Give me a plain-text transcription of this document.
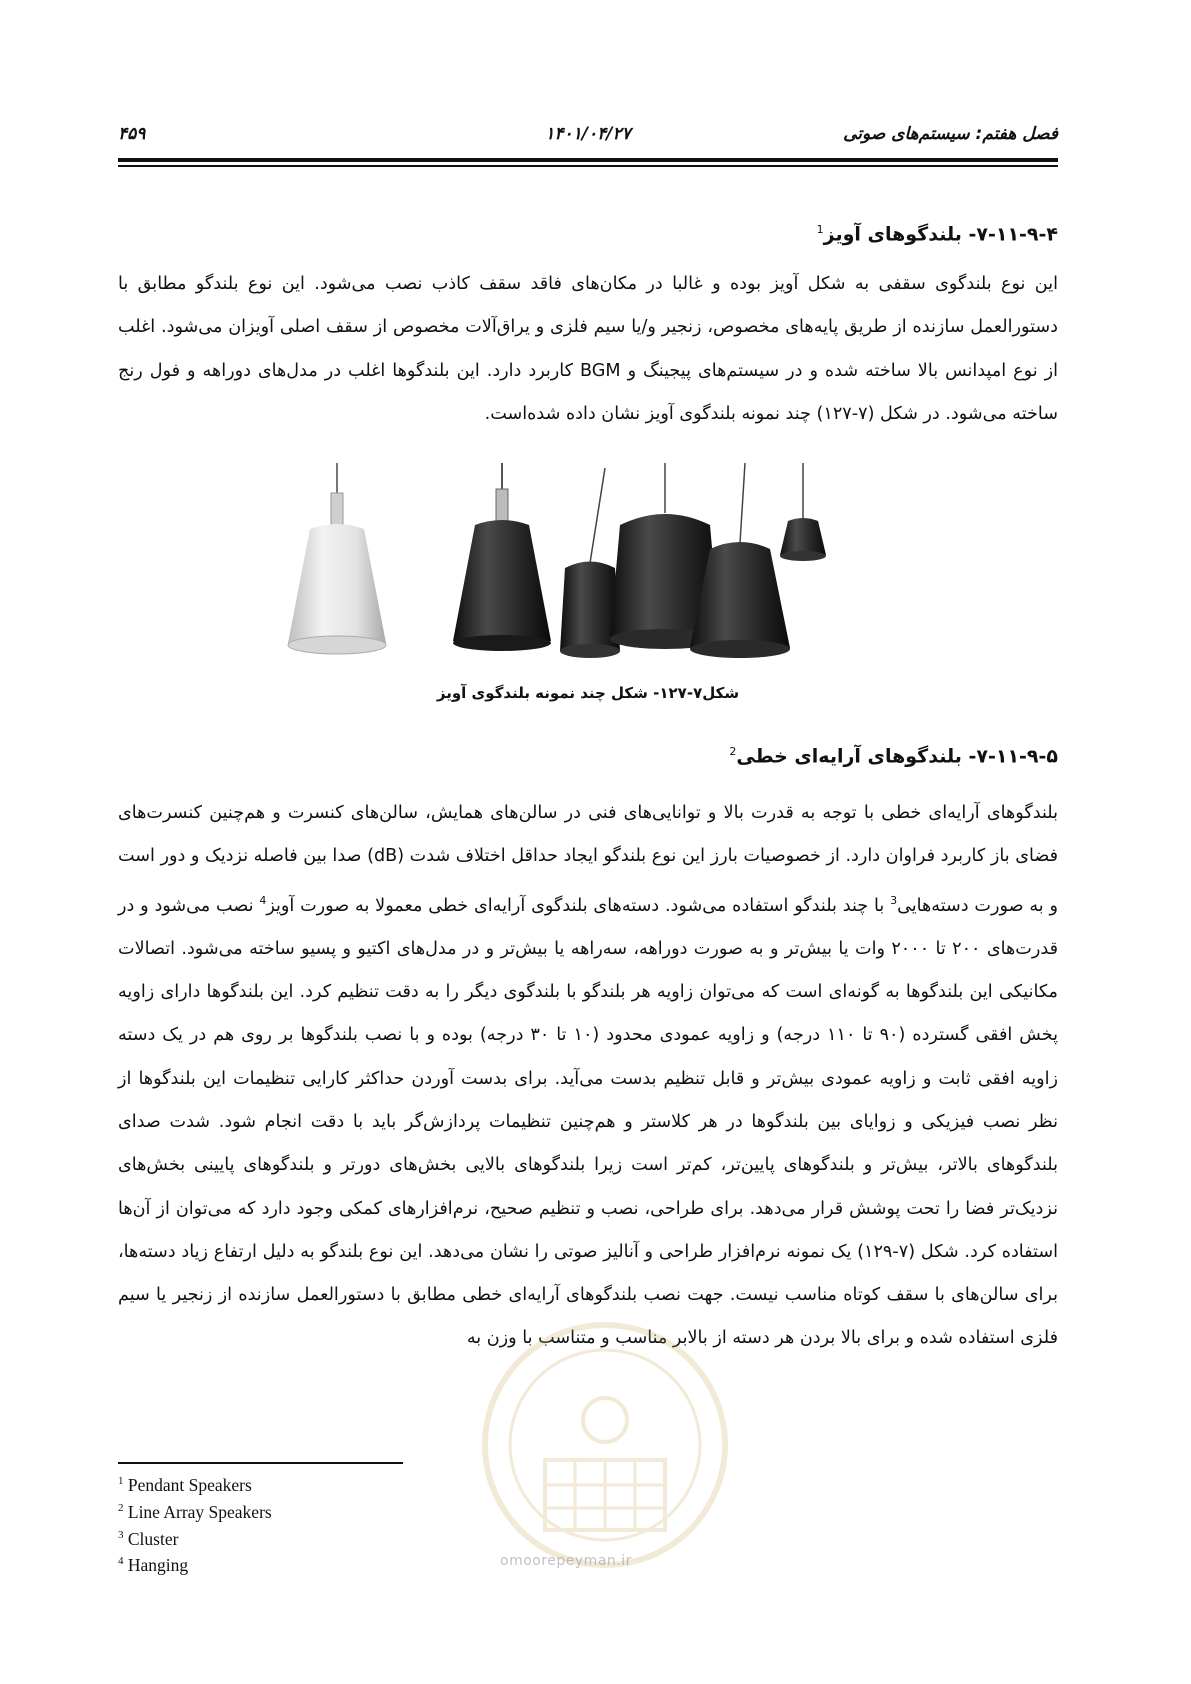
فصل هفتم: سیستم‌های صوتی
۱۴۰۱/۰۴/۲۷
۴۵۹
۷-۱۱-۹-۴- بلندگوهای آویز$^1$
این نوع بلندگوی سقفی به شکل آویز بوده و غالبا در مکان‌های فاقد سقف کاذب نصب می‌شود. این نوع بلندگو مطابق با دستورالعمل سازنده از طریق پایه‌های مخصوص، زنجیر و/یا سیم فلزی و یراق‌آلات مخصوص از سقف اصلی آویزان می‌شود. اغلب از نوع امپدانس بالا ساخته شده و در سیستم‌های پیجینگ و BGM کاربرد دارد. این بلندگوها اغلب در مدل‌های دوراهه و فول رنج ساخته می‌شود. در شکل (۷-۱۲۷) چند نمونه بلندگوی آویز نشان داده شده‌است.
شکل۷-۱۲۷- شکل چند نمونه بلندگوی آویز
۷-۱۱-۹-۵- بلندگوهای آرایه‌ای خطی$^2$
بلندگوهای آرایه‌ای خطی با توجه به قدرت بالا و توانایی‌های فنی در سالن‌های همایش، سالن‌های کنسرت و هم‌چنین کنسرت‌های فضای باز کاربرد فراوان دارد. از خصوصیات بارز این نوع بلندگو ایجاد حداقل اختلاف شدت (dB) صدا بین فاصله نزدیک و دور است و به صورت دسته‌هایی$^3$ با چند بلندگو استفاده می‌شود. دسته‌های بلندگوی آرایه‌ای خطی معمولا به صورت آویز$^4$ نصب می‌شود و در قدرت‌های ۲۰۰ تا ۲۰۰۰ وات یا بیش‌تر و به صورت دوراهه، سه‌راهه یا بیش‌تر و در مدل‌های اکتیو و پسیو ساخته می‌شود. اتصالات مکانیکی این بلندگوها به گونه‌ای است که می‌توان زاویه هر بلندگو با بلندگوی دیگر را به دقت تنظیم کرد. این بلندگوها دارای زاویه پخش افقی گسترده (۹۰ تا ۱۱۰ درجه) و زاویه عمودی محدود (۱۰ تا ۳۰ درجه) بوده و با نصب بلندگوها بر روی هم در یک دسته زاویه افقی ثابت و زاویه عمودی بیش‌تر و قابل تنظیم بدست می‌آید. برای بدست آوردن حداکثر کارایی تنظیمات این بلندگوها از نظر نصب فیزیکی و زوایای بین بلندگوها در هر کلاستر و هم‌چنین تنظیمات پردازش‌گر باید با دقت انجام شود. شدت صدای بلندگوهای بالاتر، بیش‌تر و بلندگوهای پایین‌تر، کم‌تر است زیرا بلندگوهای بالایی بخش‌های دورتر و بلندگوهای پایینی بخش‌های نزدیک‌تر فضا را تحت پوشش قرار می‌دهد. برای طراحی، نصب و تنظیم صحیح، نرم‌افزارهای کمکی وجود دارد که می‌توان از آن‌ها استفاده کرد. شکل (۷-۱۲۹) یک نمونه نرم‌افزار طراحی و آنالیز صوتی را نشان می‌دهد. این نوع بلندگو به دلیل ارتفاع زیاد دسته‌ها، برای سالن‌های با سقف کوتاه مناسب نیست. جهت نصب بلندگوهای آرایه‌ای خطی مطابق با دستورالعمل سازنده از زنجیر یا سیم فلزی استفاده شده و برای بالا بردن هر دسته از بالابر مناسب و متناسب با وزن به
omoorepeyman.ir
$^1$ Pendant Speakers
$^2$ Line Array Speakers
$^3$ Cluster
$^4$ Hanging
